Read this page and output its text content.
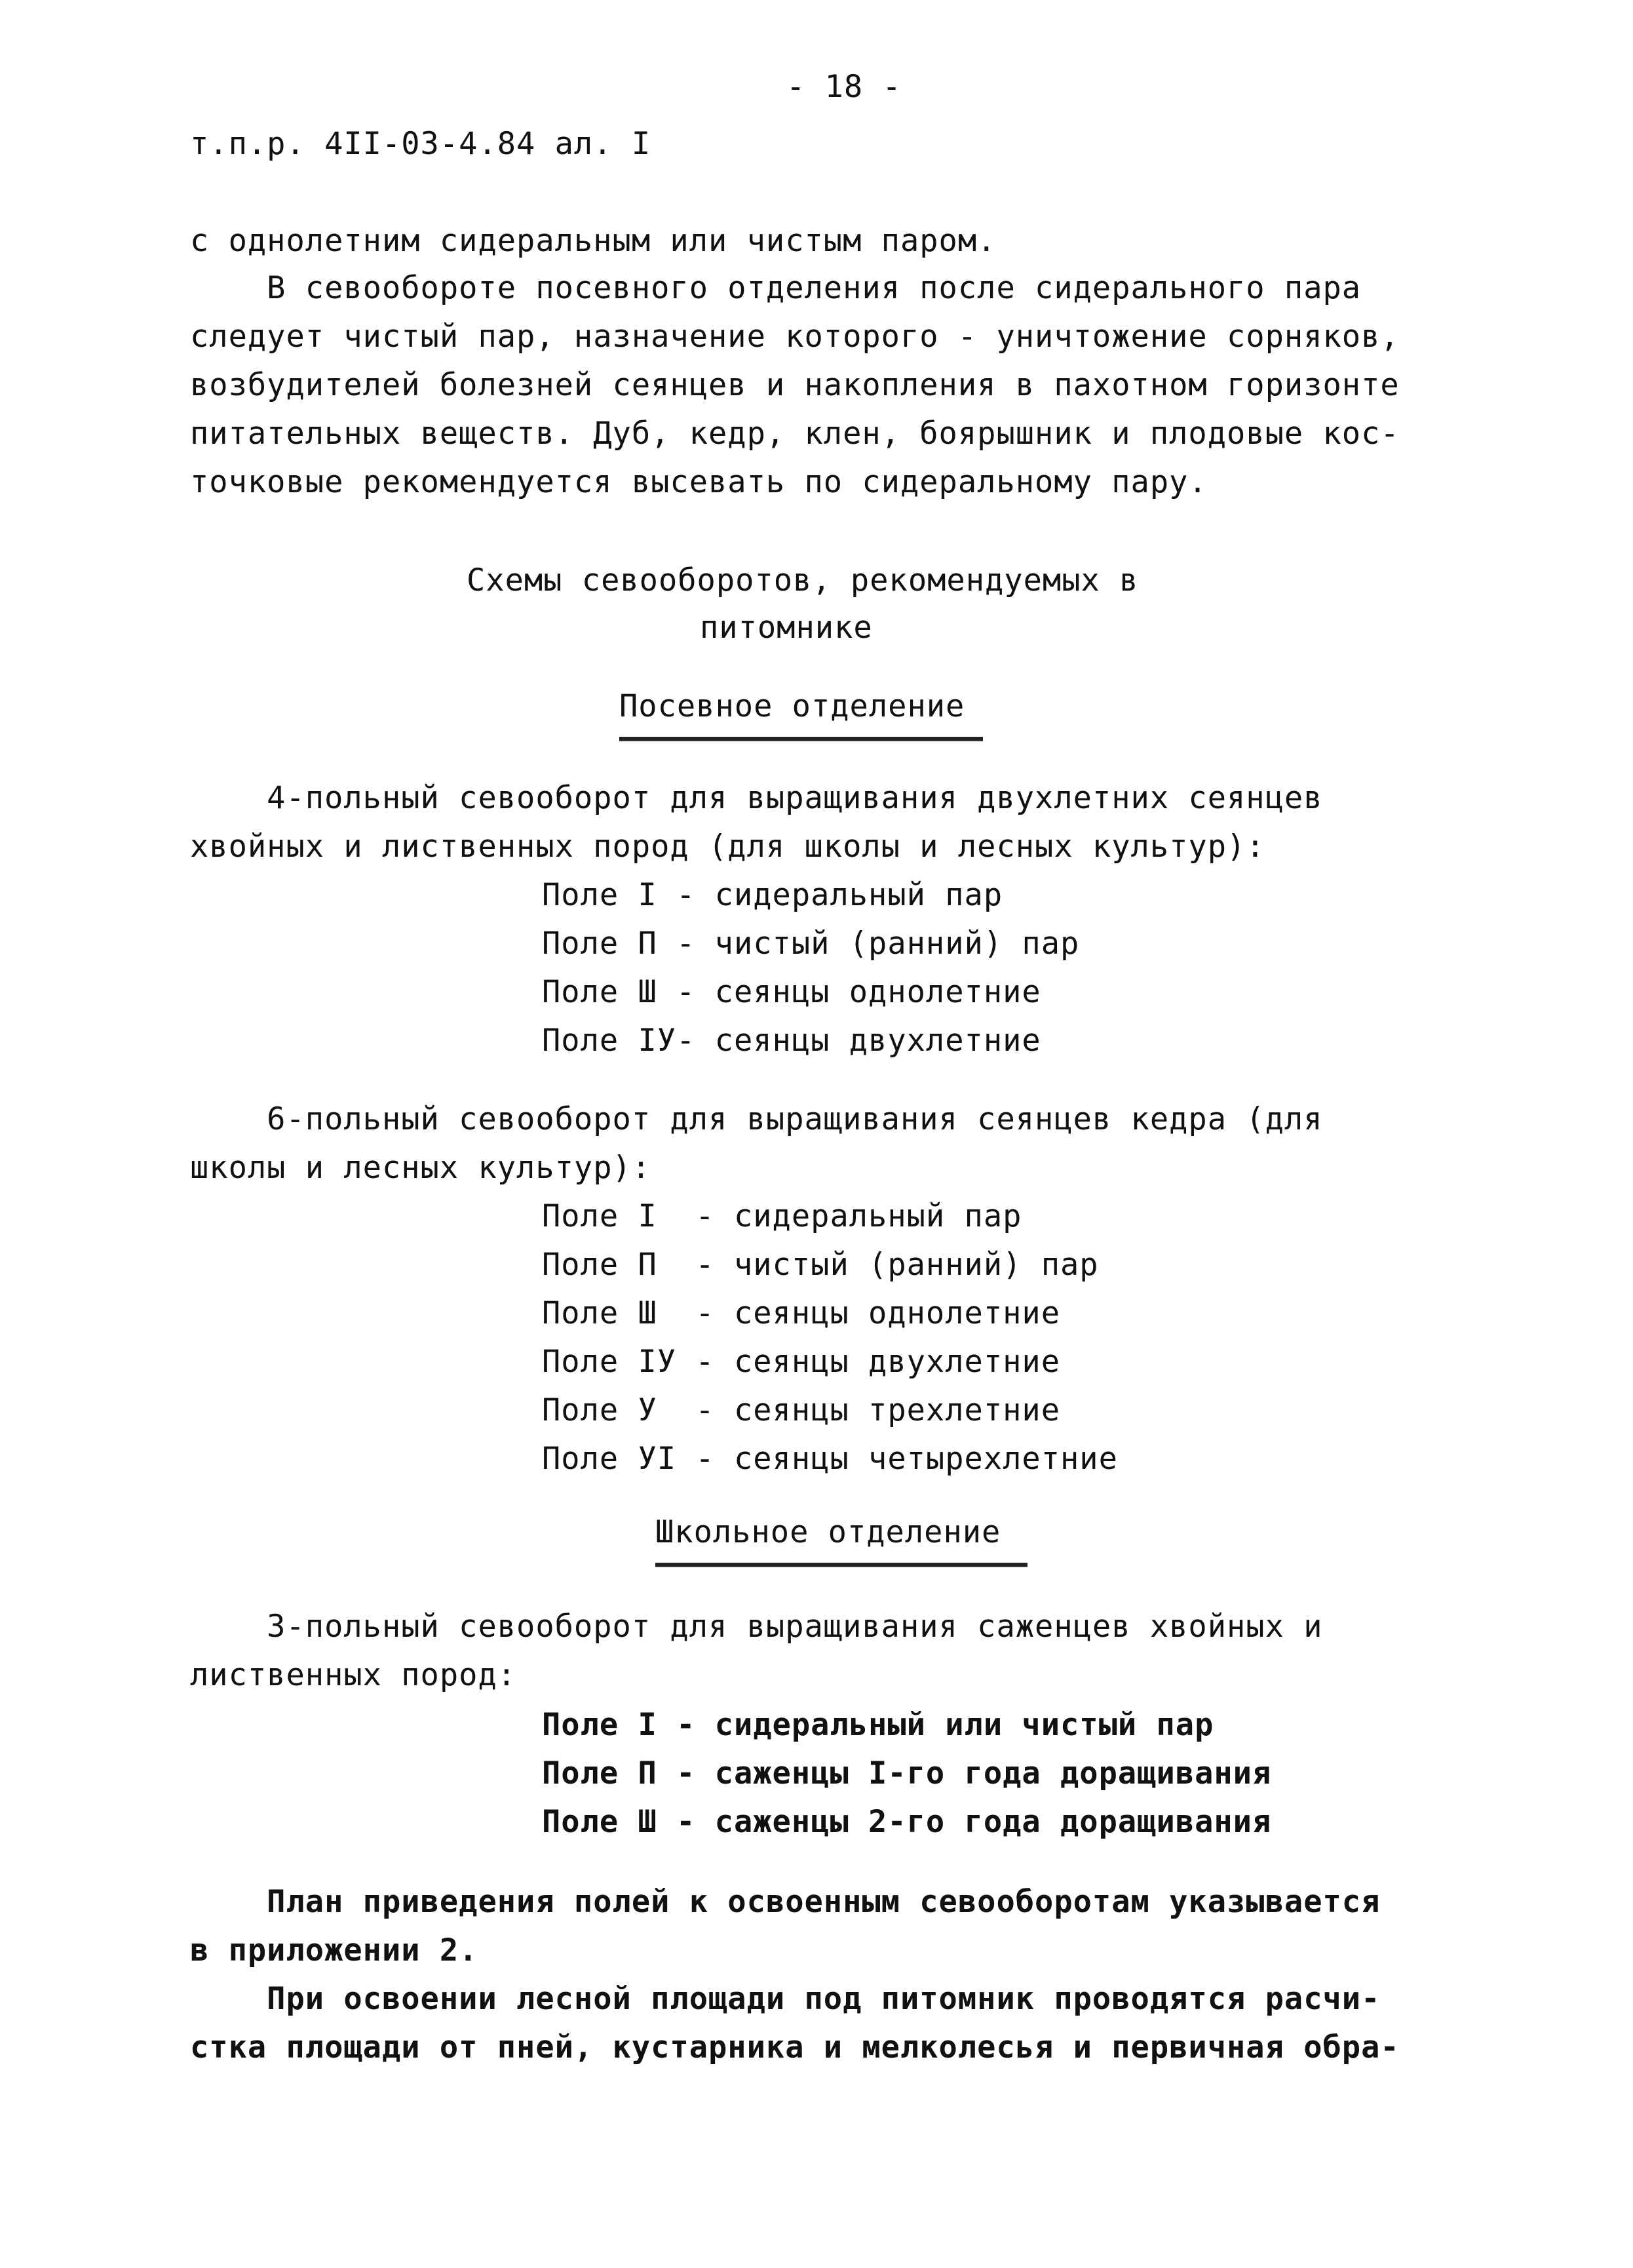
- 18 -
т.п.р. 4II-03-4.84 ал. I
с однолетним сидеральным или чистым паром.
В севообороте посевного отделения после сидерального пара
следует чистый пар, назначение которого - уничтожение сорняков,
возбудителей болезней сеянцев и накопления в пахотном горизонте
питательных веществ. Дуб, кедр, клен, боярышник и плодовые кос-
точковые рекомендуется высевать по сидеральному пару.
Схемы севооборотов, рекомендуемых в
питомнике
Посевное отделение
4-польный севооборот для выращивания двухлетних сеянцев
хвойных и лиственных пород (для школы и лесных культур):
Поле I - сидеральный пар
Поле П - чистый (ранний) пар
Поле Ш - сеянцы однолетние
Поле IУ- сеянцы двухлетние
6-польный севооборот для выращивания сеянцев кедра (для
школы и лесных культур):
Поле I  - сидеральный пар
Поле П  - чистый (ранний) пар
Поле Ш  - сеянцы однолетние
Поле IУ - сеянцы двухлетние
Поле У  - сеянцы трехлетние
Поле УI - сеянцы четырехлетние
Школьное отделение
3-польный севооборот для выращивания саженцев хвойных и
лиственных пород:
Поле I - сидеральный или чистый пар
Поле П - саженцы I-го года доращивания
Поле Ш - саженцы 2-го года доращивания
План приведения полей к освоенным севооборотам указывается
в приложении 2.
При освоении лесной площади под питомник проводятся расчи-
стка площади от пней, кустарника и мелколесья и первичная обра-
